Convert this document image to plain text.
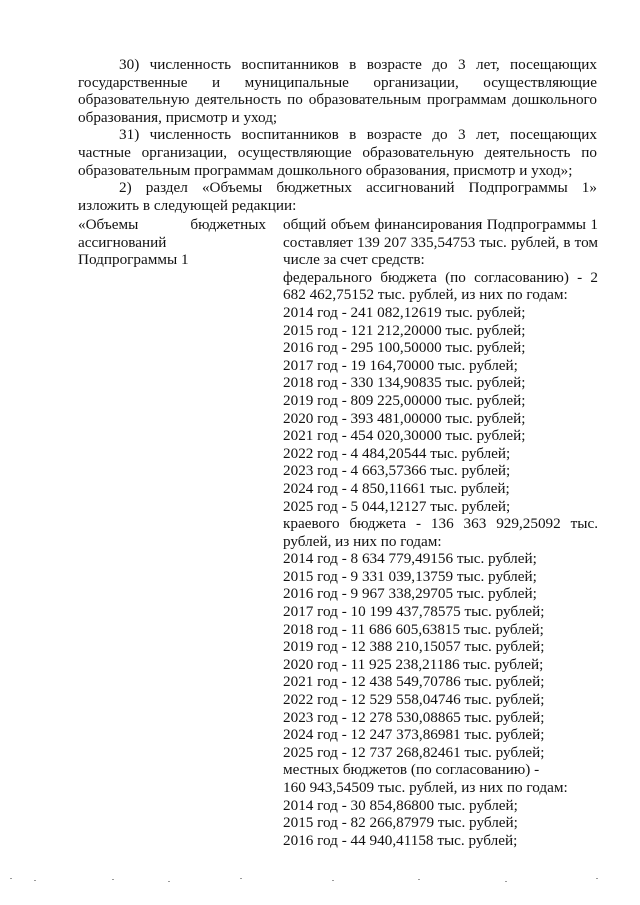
30) численность воспитанников в возрасте до 3 лет, посещающих государственные и муниципальные организации, осуществляющие образовательную деятельность по образовательным программам дошкольного образования, присмотр и уход;

31) численность воспитанников в возрасте до 3 лет, посещающих частные организации, осуществляющие образовательную деятельность по образовательным программам дошкольного образования, присмотр и уход»;

2) раздел «Объемы бюджетных ассигнований Подпрограммы 1» изложить в следующей редакции:

«Объемы бюджетных ассигнований Подпрограммы 1

общий объем финансирования Подпрограммы 1 составляет 139 207 335,54753 тыс. рублей, в том числе за счет средств:

федерального бюджета (по согласованию) - 2 682 462,75152 тыс. рублей, из них по годам:

2014 год - 241 082,12619 тыс. рублей;
2015 год - 121 212,20000 тыс. рублей;
2016 год - 295 100,50000 тыс. рублей;
2017 год - 19 164,70000 тыс. рублей;
2018 год - 330 134,90835 тыс. рублей;
2019 год - 809 225,00000 тыс. рублей;
2020 год - 393 481,00000 тыс. рублей;
2021 год - 454 020,30000 тыс. рублей;
2022 год - 4 484,20544 тыс. рублей;
2023 год - 4 663,57366 тыс. рублей;
2024 год - 4 850,11661 тыс. рублей;
2025 год - 5 044,12127 тыс. рублей;

краевого бюджета - 136 363 929,25092 тыс. рублей, из них по годам:

2014 год - 8 634 779,49156 тыс. рублей;
2015 год - 9 331 039,13759 тыс. рублей;
2016 год - 9 967 338,29705 тыс. рублей;
2017 год - 10 199 437,78575 тыс. рублей;
2018 год - 11 686 605,63815 тыс. рублей;
2019 год - 12 388 210,15057 тыс. рублей;
2020 год - 11 925 238,21186 тыс. рублей;
2021 год - 12 438 549,70786 тыс. рублей;
2022 год - 12 529 558,04746 тыс. рублей;
2023 год - 12 278 530,08865 тыс. рублей;
2024 год - 12 247 373,86981 тыс. рублей;
2025 год - 12 737 268,82461 тыс. рублей;
местных бюджетов (по согласованию) -
160 943,54509 тыс. рублей, из них по годам:
2014 год - 30 854,86800 тыс. рублей;
2015 год - 82 266,87979 тыс. рублей;
2016 год - 44 940,41158 тыс. рублей;
